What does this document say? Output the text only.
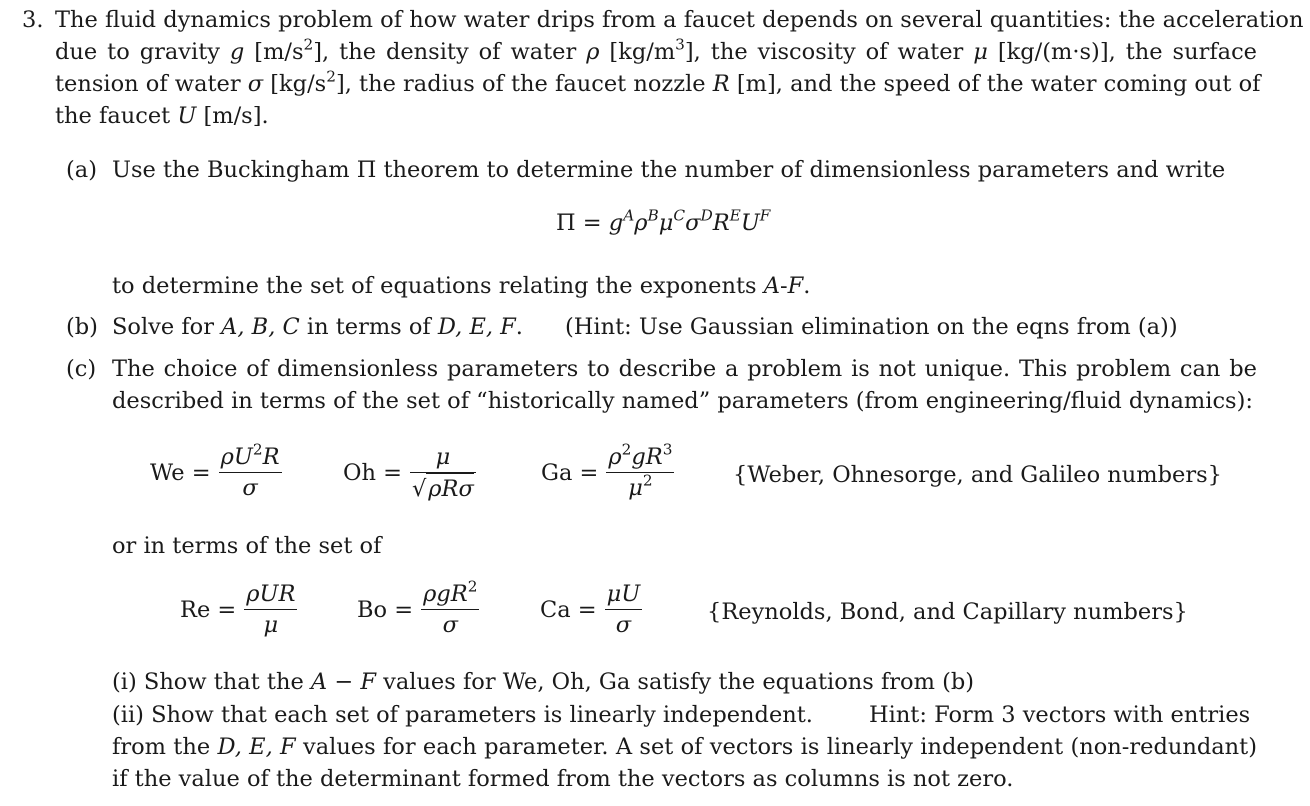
3. The fluid dynamics problem of how water drips from a faucet depends on several quantities: the acceleration
due to gravity g $[m/s^2]$, the density of water ρ $[kg/m^3]$, the viscosity of water μ [kg/(m·s)], the surface
tension of water σ $[kg/s^2]$, the radius of the faucet nozzle R [m], and the speed of the water coming out of
the faucet U [m/s].
(a) Use the Buckingham Π theorem to determine the number of dimensionless parameters and write
$\Pi = g^A\rho^B\mu^C\sigma^DR^EU^F$
to determine the set of equations relating the exponents A-F.
(b) Solve for A, B, C in terms of D, E, F. (Hint: Use Gaussian elimination on the eqns from (a))
(c) The choice of dimensionless parameters to describe a problem is not unique. This problem can be
described in terms of the set of “historically named” parameters (from engineering/fluid dynamics):
$We = \frac{\rho U^2R}{\sigma}$	$Oh = \frac{\mu}{\text{√ρRσ}}$	$Ga = \frac{\rho^2gR^3}{\mu^2}$	{Weber, Ohnesorge, and Galileo numbers}
or in terms of the set of
$Re = \frac{\text{ρUR}}{\mu}$	$Bo = \frac{\rho gR^2}{\sigma}$	$Ca = \frac{\mu U}{\sigma}$	{Reynolds, Bond, and Capillary numbers}
(i) Show that the A − F values for We, Oh, Ga satisfy the equations from (b)
(ii) Show that each set of parameters is linearly independent. Hint: Form 3 vectors with entries
from the D, E, F values for each parameter. A set of vectors is linearly independent (non-redundant)
if the value of the determinant formed from the vectors as columns is not zero.
